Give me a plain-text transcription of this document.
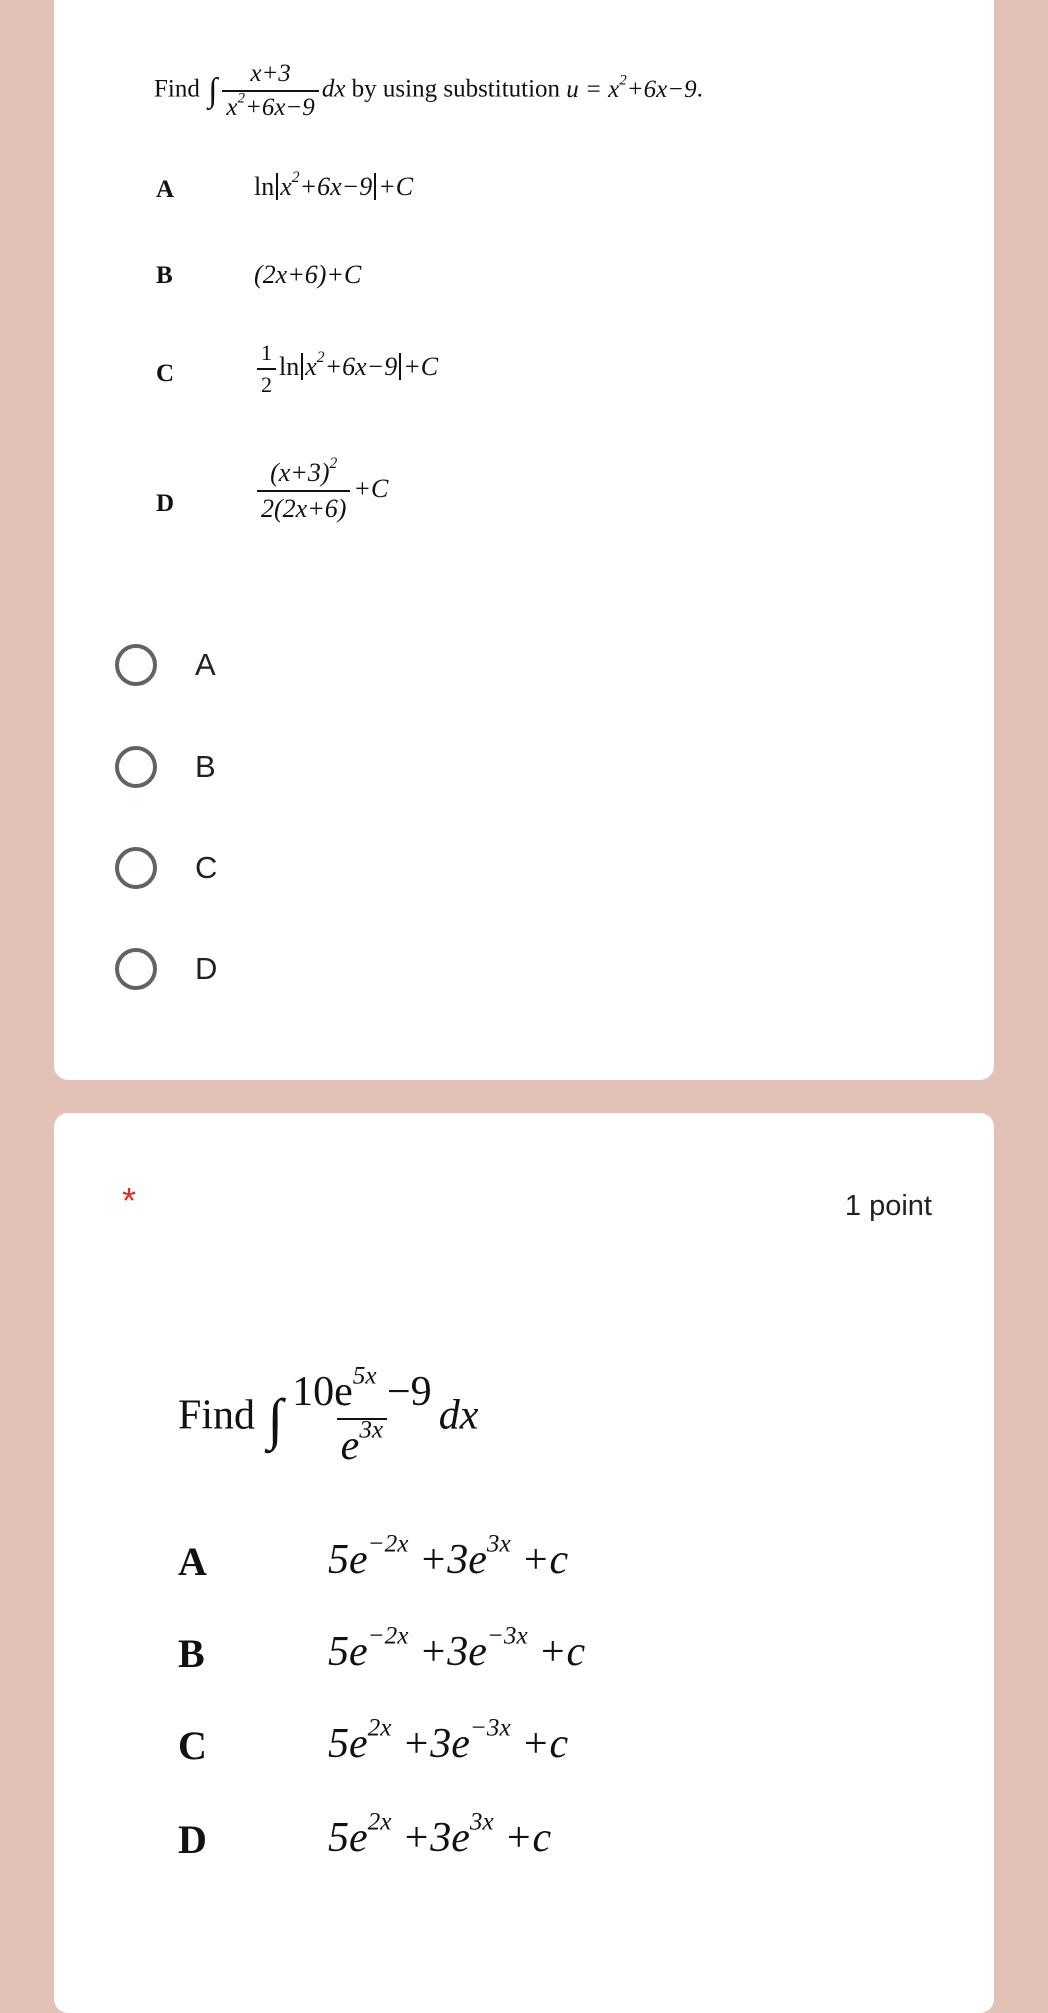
Find ∫ $\frac{x+3}{x^2+6x-9}$ dx by using substitution $u = x^2+6x-9$.
A	$\ln x^2+6x-9 +C$
B	(2x+6)+C
C	$\frac{1}{2}$ $\ln x^2+6x-9 +C$
D	$\frac{(x+3)^2}{2(2x+6)} +C$
A
B
C
D
*	1 point
Find ∫ $\frac{10e^{5x} -9}{e^{3x}}$ dx
A	$5e^{-2x} +3e^{3x} +c$
B	$5e^{-2x} +3e^{-3x} +c$
C	$5e^{2x} +3e^{-3x} +c$
D	$5e^{2x} +3e^{3x} +c$
